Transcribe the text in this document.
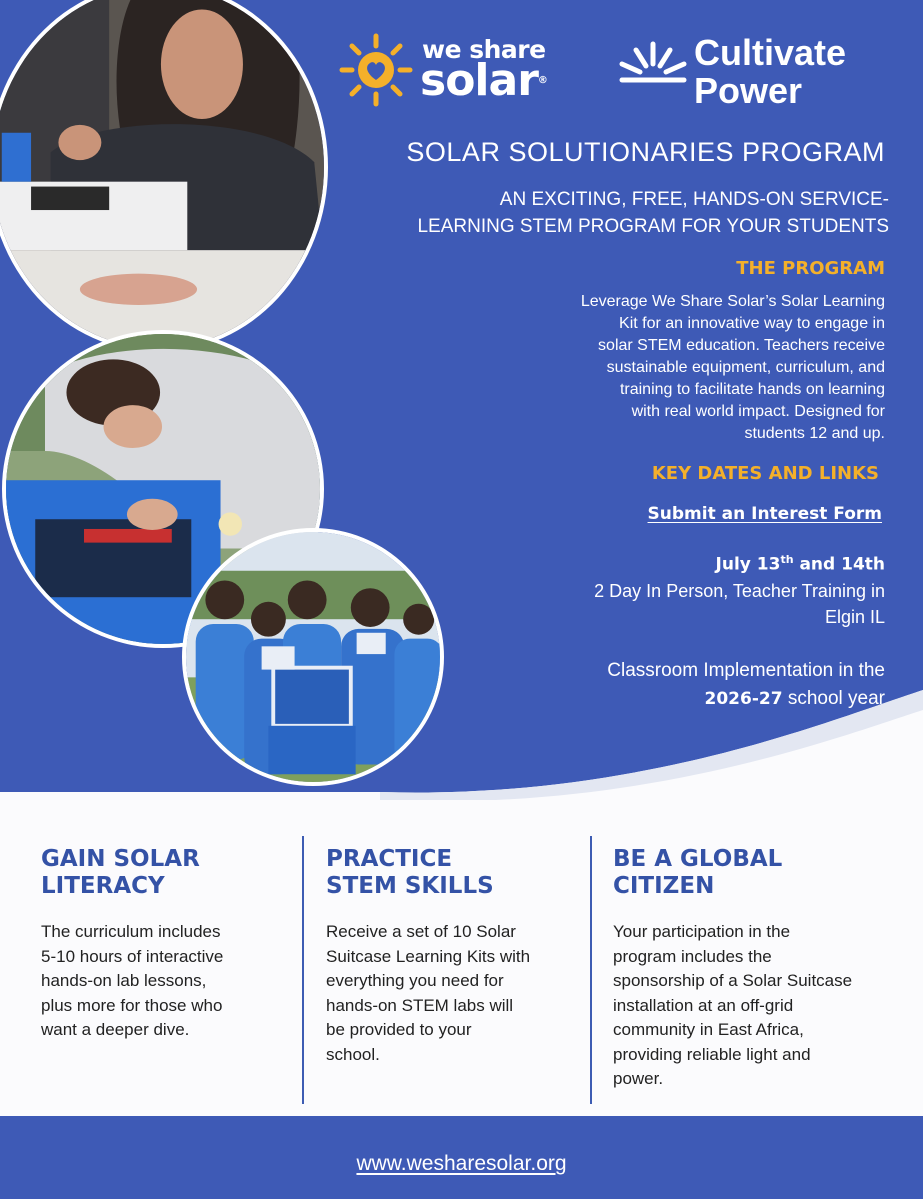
we share
solar®
Cultivate
Power
SOLAR SOLUTIONARIES PROGRAM
AN EXCITING, FREE, HANDS-ON SERVICE-
LEARNING STEM PROGRAM FOR YOUR STUDENTS
THE PROGRAM
Leverage We Share Solar’s Solar Learning
Kit for an innovative way to engage in
solar STEM education. Teachers receive
sustainable equipment, curriculum, and
training to facilitate hands on learning
with real world impact. Designed for
students 12 and up.
KEY DATES AND LINKS
Submit an Interest Form
July 13th and 14th
2 Day In Person, Teacher Training in
Elgin IL
Classroom Implementation in the
2026-27 school year
GAIN SOLAR
LITERACY
The curriculum includes
5-10 hours of interactive
hands-on lab lessons,
plus more for those who
want a deeper dive.
PRACTICE
STEM SKILLS
Receive a set of 10 Solar
Suitcase Learning Kits with
everything you need for
hands-on STEM labs will
be provided to your
school.
BE A GLOBAL
CITIZEN
Your participation in the
program includes the
sponsorship of a Solar Suitcase
installation at an off-grid
community in East Africa,
providing reliable light and
power.
www.wesharesolar.org
